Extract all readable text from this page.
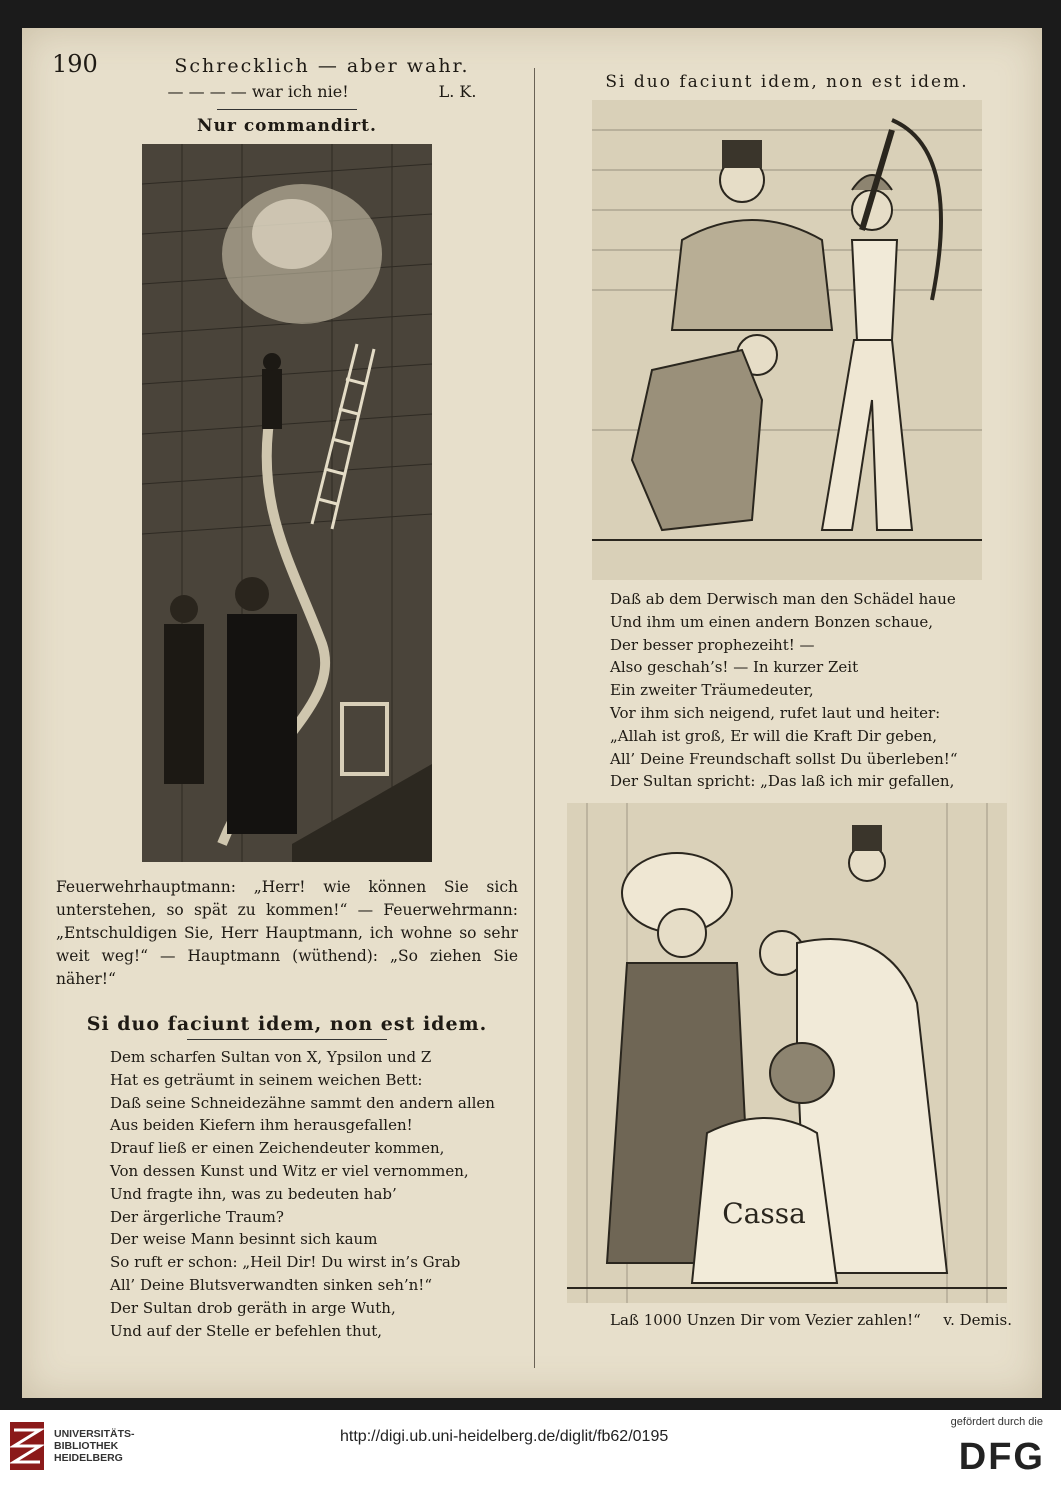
190	Schrecklich — aber wahr.
— — — — war ich nie!	L. K.
Nur commandirt.
Feuerwehrhauptmann: „Herr! wie können Sie sich unterstehen, so spät zu kommen!“ — Feuerwehrmann: „Entschuldigen Sie, Herr Hauptmann, ich wohne so sehr weit weg!“ — Hauptmann (wüthend): „So ziehen Sie näher!“
Si duo faciunt idem, non est idem.
Dem scharfen Sultan von X, Ypsilon und Z
Hat es geträumt in seinem weichen Bett:
Daß seine Schneidezähne sammt den andern allen
Aus beiden Kiefern ihm herausgefallen!
Drauf ließ er einen Zeichendeuter kommen,
Von dessen Kunst und Witz er viel vernommen,
Und fragte ihn, was zu bedeuten hab’
Der ärgerliche Traum?
Der weise Mann besinnt sich kaum
So ruft er schon: „Heil Dir! Du wirst in’s Grab
All’ Deine Blutsverwandten sinken seh’n!“
Der Sultan drob geräth in arge Wuth,
Und auf der Stelle er befehlen thut,
Si duo faciunt idem, non est idem.
Daß ab dem Derwisch man den Schädel haue
Und ihm um einen andern Bonzen schaue,
Der besser prophezeiht! —
Also geschah’s! — In kurzer Zeit
Ein zweiter Träumedeuter,
Vor ihm sich neigend, rufet laut und heiter:
„Allah ist groß, Er will die Kraft Dir geben,
All’ Deine Freundschaft sollst Du überleben!“
Der Sultan spricht: „Das laß ich mir gefallen,
Cassa
Laß 1000 Unzen Dir vom Vezier zahlen!“ v. Demis.
UNIVERSITÄTS-
BIBLIOTHEK
HEIDELBERG
http://digi.ub.uni-heidelberg.de/diglit/fb62/0195
gefördert durch die
DFG
